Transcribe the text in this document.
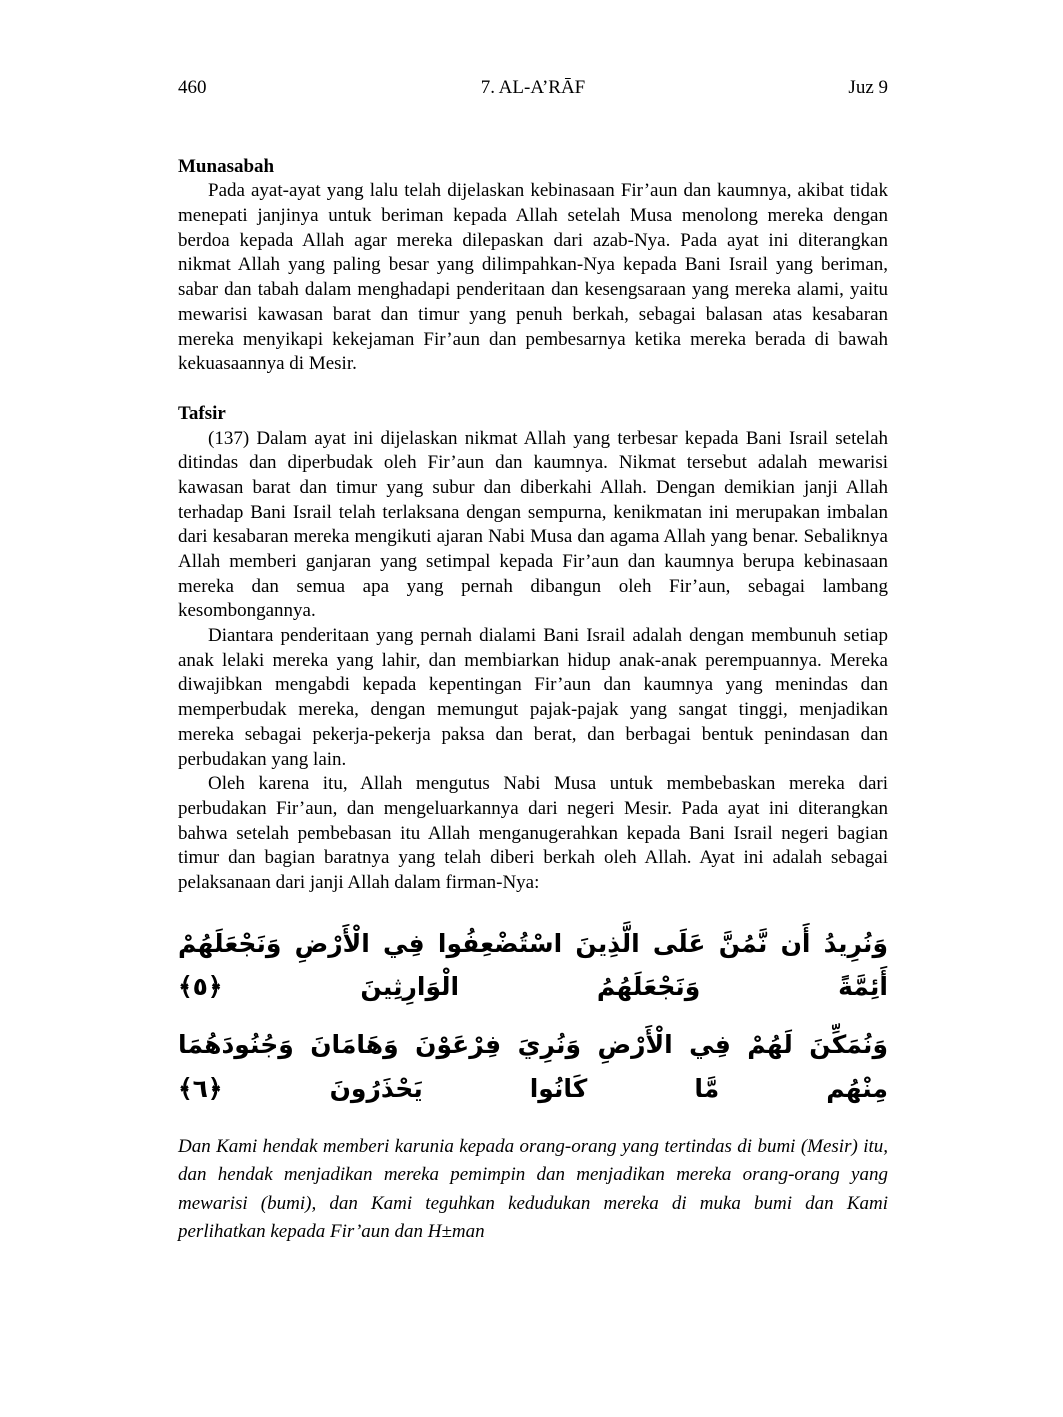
460	7. AL-A’RĀF	Juz 9
Munasabah

Pada ayat-ayat yang lalu telah dijelaskan kebinasaan Fir’aun dan kaumnya, akibat tidak menepati janjinya untuk beriman kepada Allah setelah Musa menolong mereka dengan berdoa kepada Allah agar mereka dilepaskan dari azab-Nya. Pada ayat ini diterangkan nikmat Allah yang paling besar yang dilimpahkan-Nya kepada Bani Israil yang beriman, sabar dan tabah dalam menghadapi penderitaan dan kesengsaraan yang mereka alami, yaitu mewarisi kawasan barat dan timur yang penuh berkah, sebagai balasan atas kesabaran mereka menyikapi kekejaman Fir’aun dan pembesarnya ketika mereka berada di bawah kekuasaannya di Mesir.

Tafsir

(137) Dalam ayat ini dijelaskan nikmat Allah yang terbesar kepada Bani Israil setelah ditindas dan diperbudak oleh Fir’aun dan kaumnya. Nikmat tersebut adalah mewarisi kawasan barat dan timur yang subur dan diberkahi Allah. Dengan demikian janji Allah terhadap Bani Israil telah terlaksana dengan sempurna, kenikmatan ini merupakan imbalan dari kesabaran mereka mengikuti ajaran Nabi Musa dan agama Allah yang benar. Sebaliknya Allah memberi ganjaran yang setimpal kepada Fir’aun dan kaumnya berupa kebinasaan mereka dan semua apa yang pernah dibangun oleh Fir’aun, sebagai lambang kesombongannya.

Diantara penderitaan yang pernah dialami Bani Israil adalah dengan membunuh setiap anak lelaki mereka yang lahir, dan membiarkan hidup anak-anak perempuannya. Mereka diwajibkan mengabdi kepada kepentingan Fir’aun dan kaumnya yang menindas dan memperbudak mereka, dengan memungut pajak-pajak yang sangat tinggi, menjadikan mereka sebagai pekerja-pekerja paksa dan berat, dan berbagai bentuk penindasan dan perbudakan yang lain.

Oleh karena itu, Allah mengutus Nabi Musa untuk membebaskan mereka dari perbudakan Fir’aun, dan mengeluarkannya dari negeri Mesir. Pada ayat ini diterangkan bahwa setelah pembebasan itu Allah menganugerahkan kepada Bani Israil negeri bagian timur dan bagian baratnya yang telah diberi berkah oleh Allah. Ayat ini adalah sebagai pelaksanaan dari janji Allah dalam firman-Nya:

وَنُرِيدُ أَن نَّمُنَّ عَلَى الَّذِينَ اسْتُضْعِفُوا فِي الْأَرْضِ وَنَجْعَلَهُمْ أَئِمَّةً وَنَجْعَلَهُمُ الْوَارِثِينَ ﴿٥﴾

وَنُمَكِّنَ لَهُمْ فِي الْأَرْضِ وَنُرِيَ فِرْعَوْنَ وَهَامَانَ وَجُنُودَهُمَا مِنْهُم مَّا كَانُوا يَحْذَرُونَ ﴿٦﴾

Dan Kami hendak memberi karunia kepada orang-orang yang tertindas di bumi (Mesir) itu, dan hendak menjadikan mereka pemimpin dan menjadikan mereka orang-orang yang mewarisi (bumi), dan Kami teguhkan kedudukan mereka di muka bumi dan Kami perlihatkan kepada Fir’aun dan H±man
